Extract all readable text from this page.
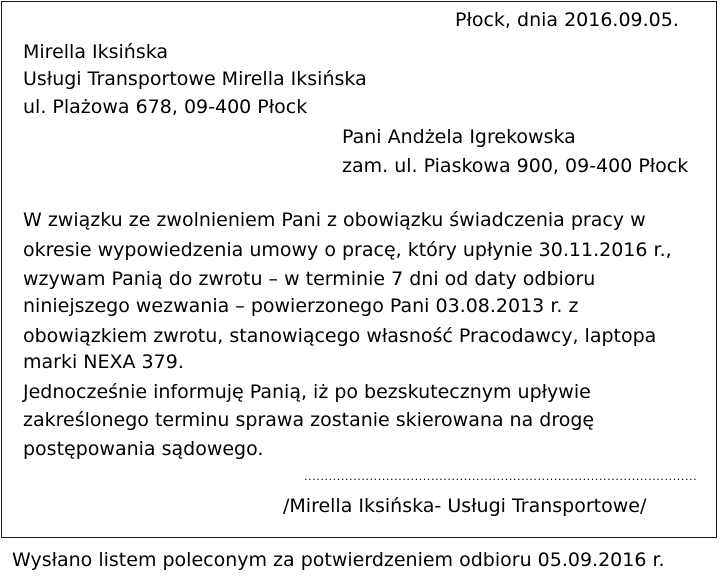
Płock, dnia 2016.09.05.
Mirella Iksińska
Usługi Transportowe Mirella Iksińska
ul. Plażowa 678, 09-400 Płock
Pani Andżela Igrekowska
zam. ul. Piaskowa 900, 09-400 Płock
W związku ze zwolnieniem Pani z obowiązku świadczenia pracy w
okresie wypowiedzenia umowy o pracę, który upłynie 30.11.2016 r.,
wzywam Panią do zwrotu – w terminie 7 dni od daty odbioru
niniejszego wezwania – powierzonego Pani 03.08.2013 r. z
obowiązkiem zwrotu, stanowiącego własność Pracodawcy, laptopa
marki NEXA 379.
Jednocześnie informuję Panią, iż po bezskutecznym upływie
zakreślonego terminu sprawa zostanie skierowana na drogę
postępowania sądowego.
................................................................................................
/Mirella Iksińska- Usługi Transportowe/
Wysłano listem poleconym za potwierdzeniem odbioru 05.09.2016 r.
